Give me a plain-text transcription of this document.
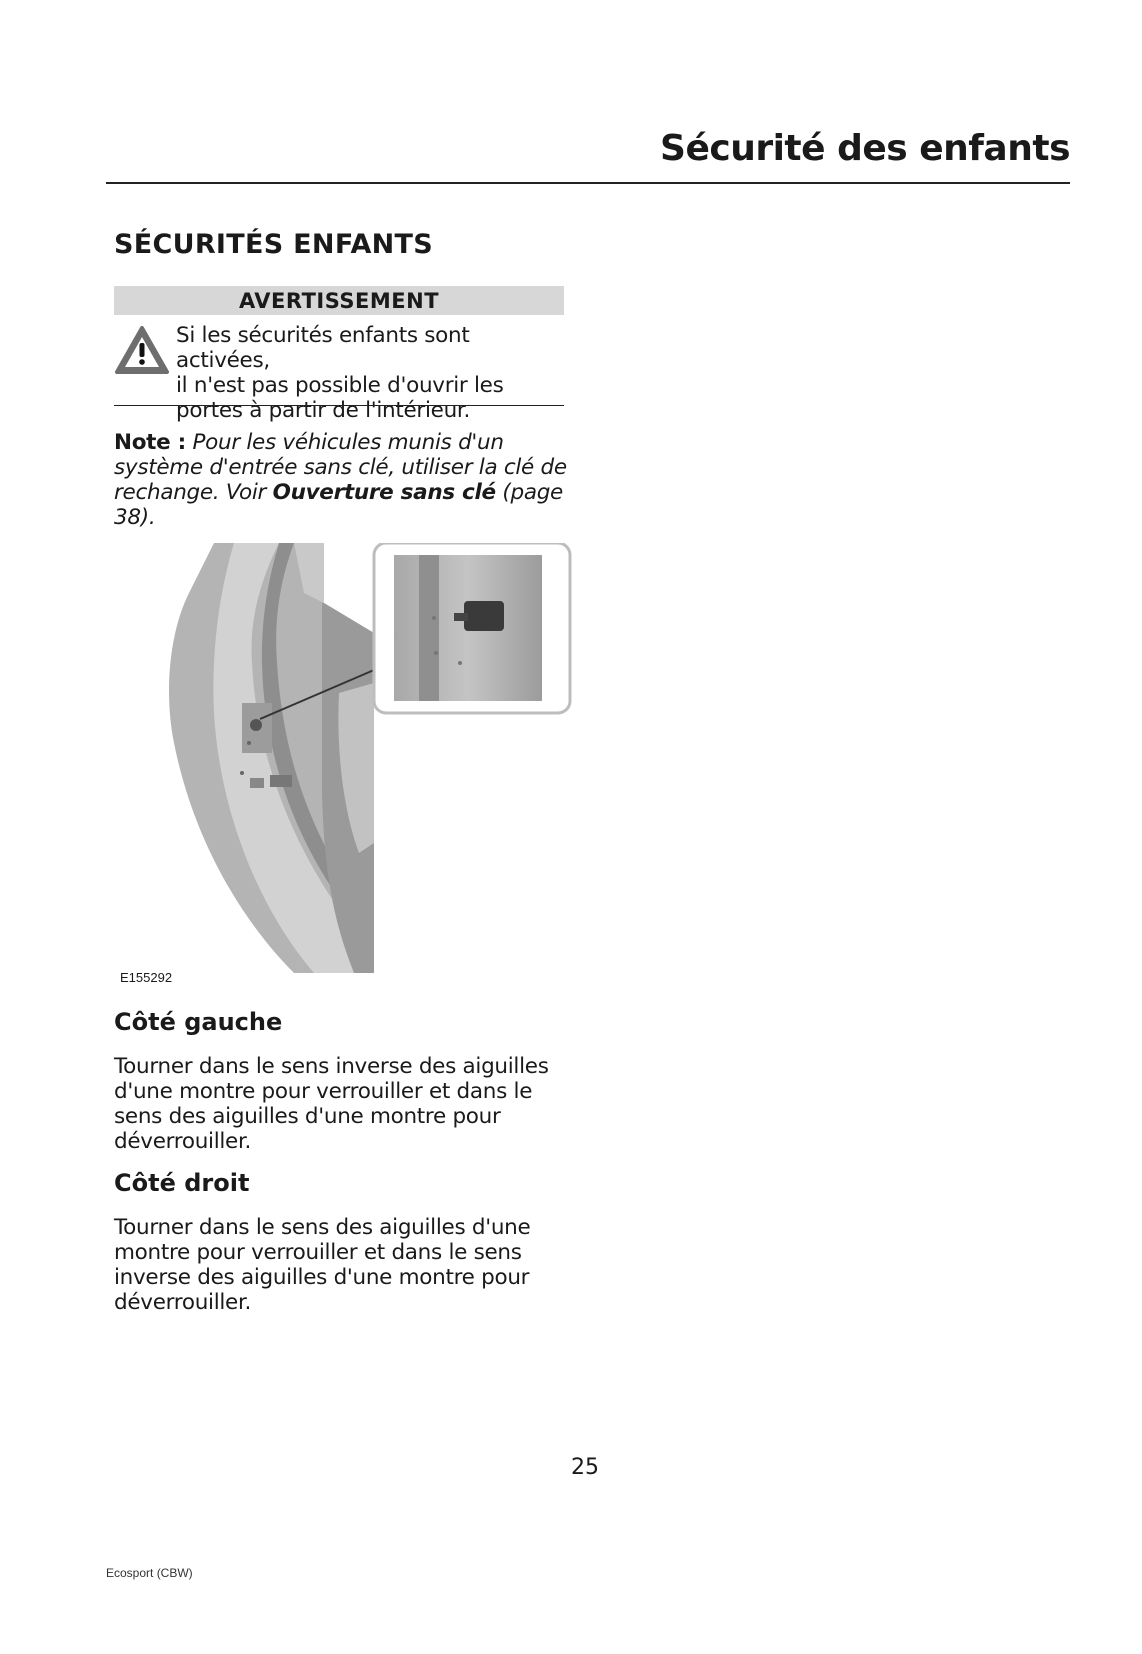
Sécurité des enfants
SÉCURITÉS ENFANTS
AVERTISSEMENT
Si les sécurités enfants sont activées,
il n'est pas possible d'ouvrir les
portes à partir de l'intérieur.
Note : Pour les véhicules munis d'un système d'entrée sans clé, utiliser la clé de rechange. Voir Ouverture sans clé (page 38).
E155292
Côté gauche
Tourner dans le sens inverse des aiguilles
d'une montre pour verrouiller et dans le
sens des aiguilles d'une montre pour
déverrouiller.
Côté droit
Tourner dans le sens des aiguilles d'une
montre pour verrouiller et dans le sens
inverse des aiguilles d'une montre pour
déverrouiller.
25
Ecosport (CBW)
